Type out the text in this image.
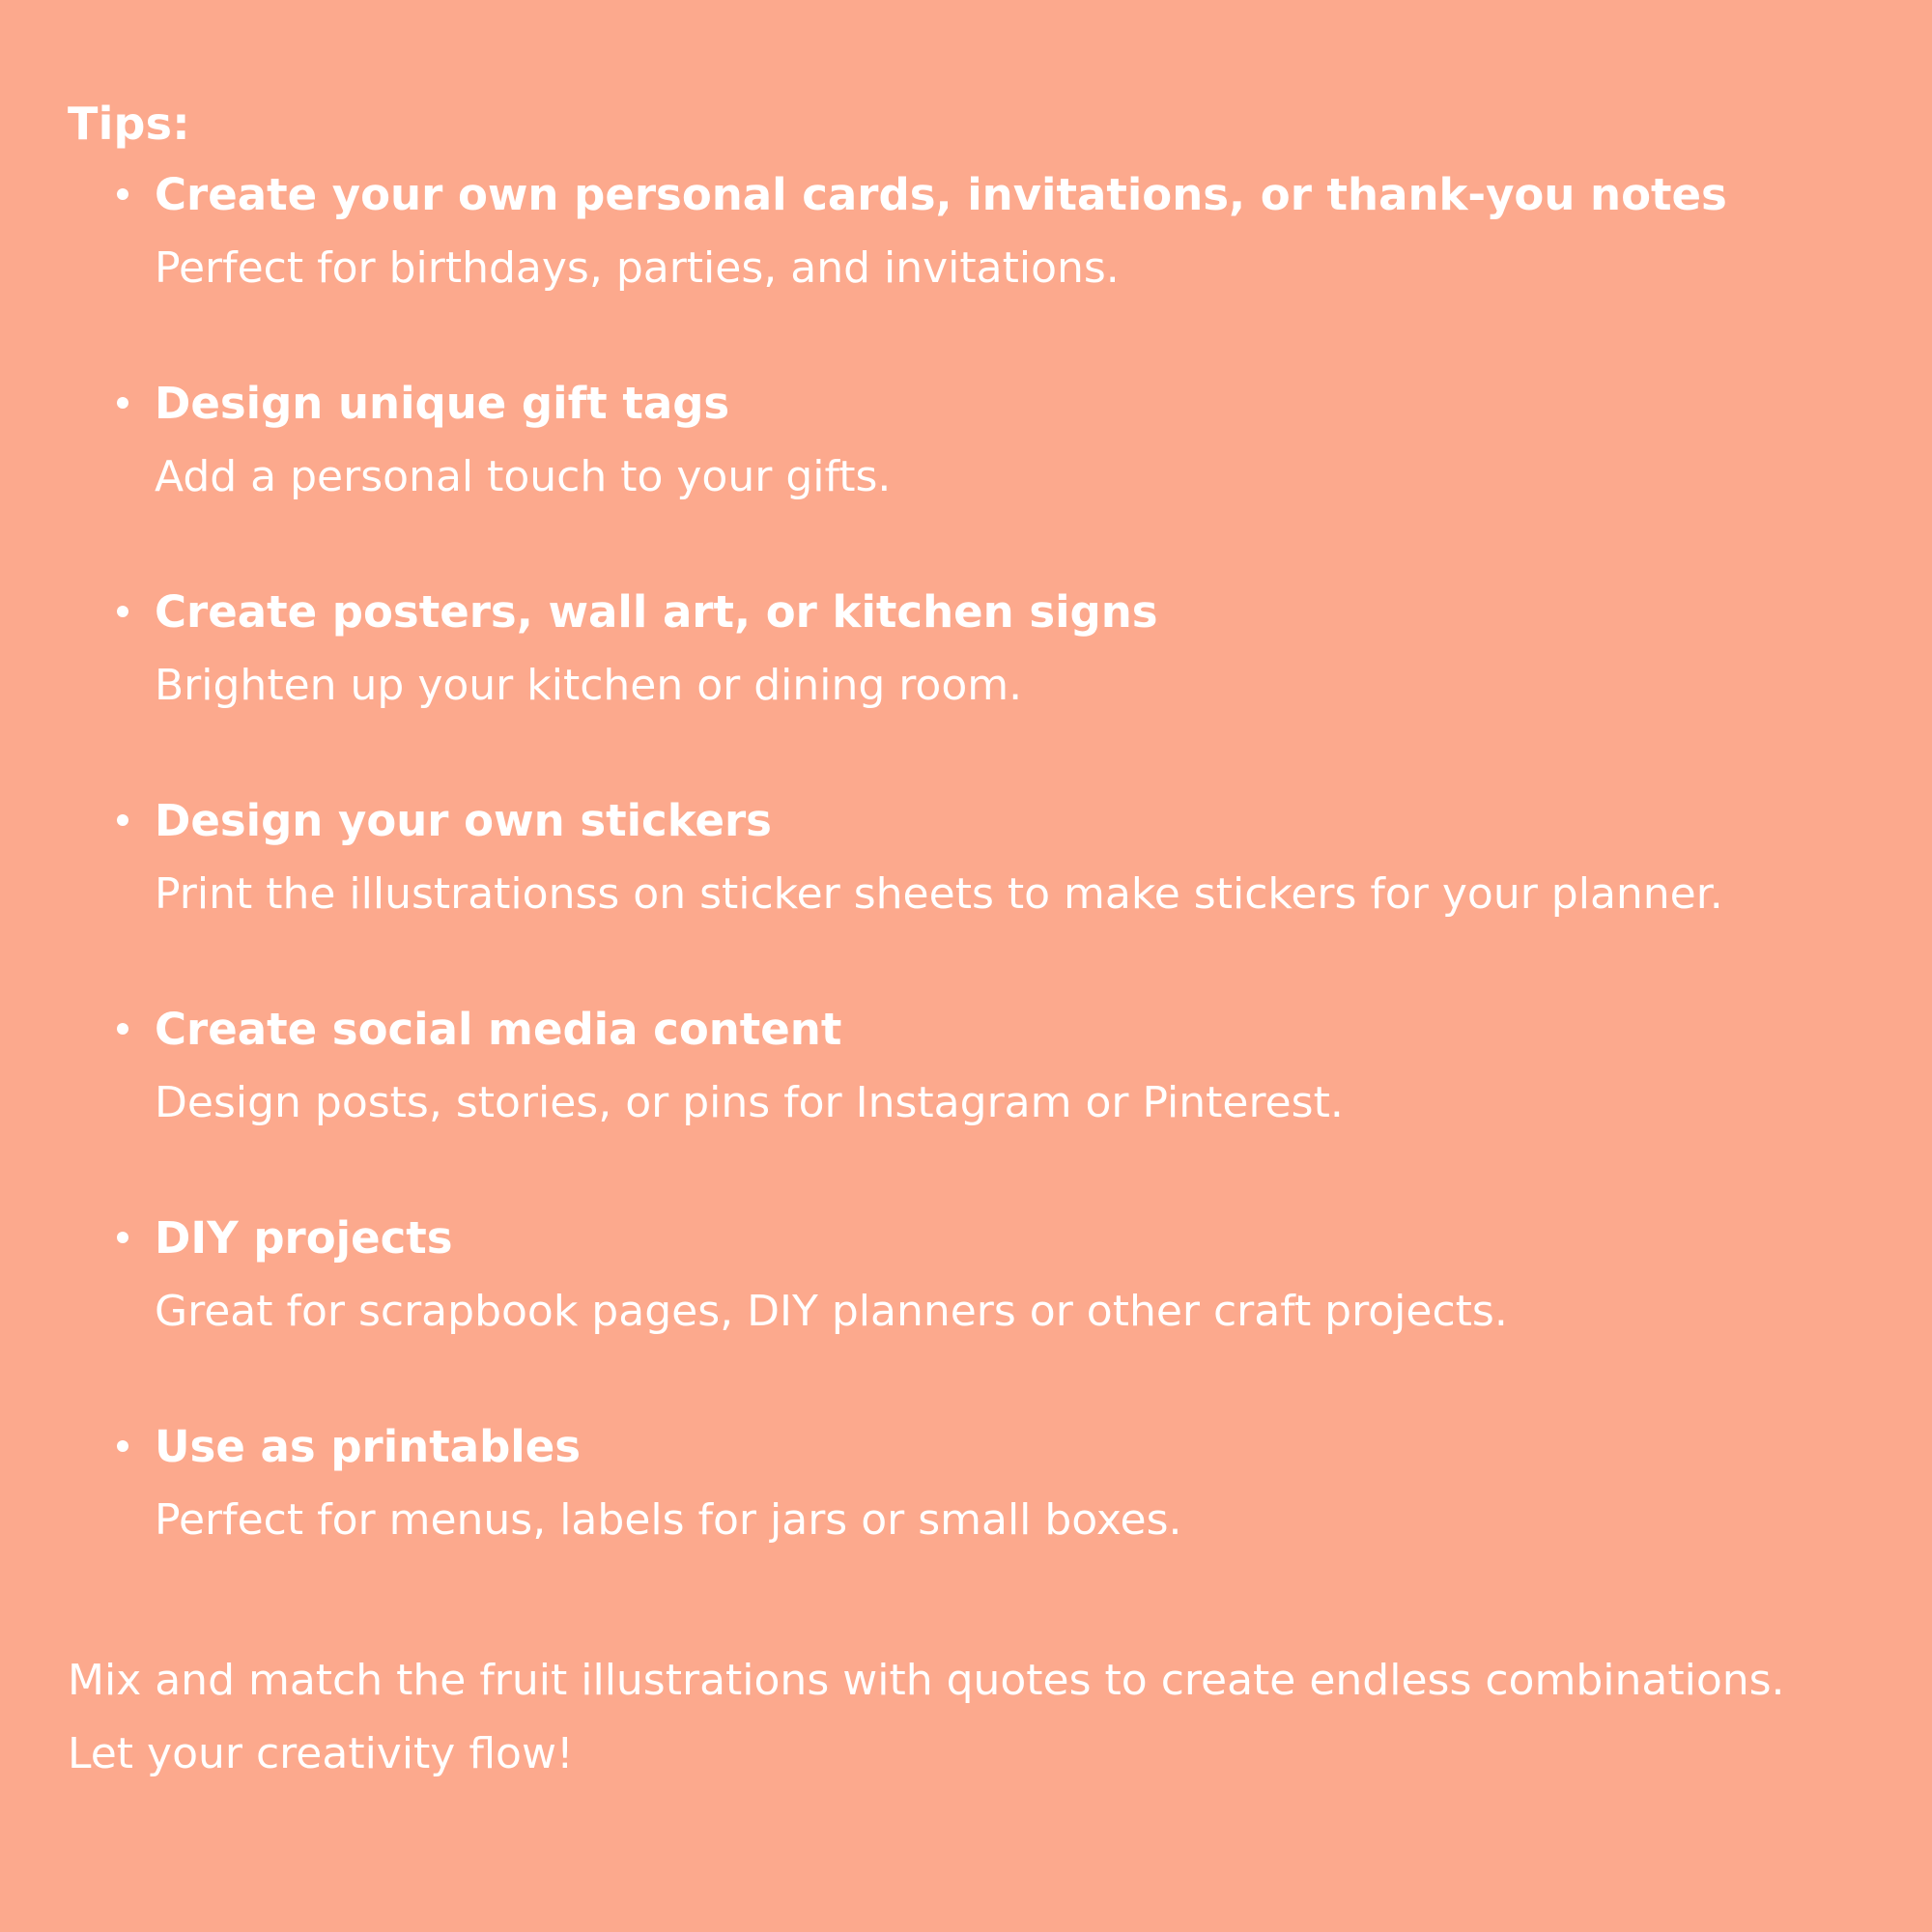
Tips:
Create your own personal cards, invitations, or thank-you notes
Perfect for birthdays, parties, and invitations.
Design unique gift tags
Add a personal touch to your gifts.
Create posters, wall art, or kitchen signs
Brighten up your kitchen or dining room.
Design your own stickers
Print the illustrationss on sticker sheets to make stickers for your planner.
Create social media content
Design posts, stories, or pins for Instagram or Pinterest.
DIY projects
Great for scrapbook pages, DIY planners or other craft projects.
Use as printables
Perfect for menus, labels for jars or small boxes.

Mix and match the fruit illustrations with quotes to create endless combinations.
Let your creativity flow!
